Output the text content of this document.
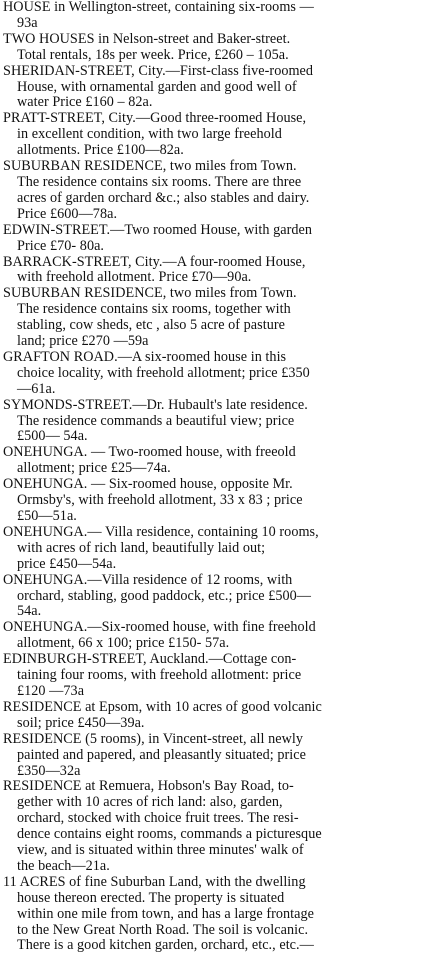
HOUSE in Wellington-street, containing six-rooms —
93a
TWO HOUSES in Nelson-street and Baker-street.
Total rentals, 18s per week. Price, £260 – 105a.
SHERIDAN-STREET, City.—First-class five-roomed
House, with ornamental garden and good well of
water Price £160 – 82a.
PRATT-STREET, City.—Good three-roomed House,
in excellent condition, with two large freehold
allotments. Price £100—82a.
SUBURBAN RESIDENCE, two miles from Town.
The residence contains six rooms. There are three
acres of garden orchard &c.; also stables and dairy.
Price £600—78a.
EDWIN-STREET.—Two roomed House, with garden
Price £70- 80a.
BARRACK-STREET, City.—A four-roomed House,
with freehold allotment. Price £70—90a.
SUBURBAN RESIDENCE, two miles from Town.
The residence contains six rooms, together with
stabling, cow sheds, etc , also 5 acre of pasture
land; price £270 —59a
GRAFTON ROAD.—A six-roomed house in this
choice locality, with freehold allotment; price £350
—61a.
SYMONDS-STREET.—Dr. Hubault's late residence.
The residence commands a beautiful view; price
£500— 54a.
ONEHUNGA. — Two-roomed house, with freeold
allotment; price £25—74a.
ONEHUNGA. — Six-roomed house, opposite Mr.
Ormsby's, with freehold allotment, 33 x 83 ; price
£50—51a.
ONEHUNGA.— Villa residence, containing 10 rooms,
with acres of rich land, beautifully laid out;
price £450—54a.
ONEHUNGA.—Villa residence of 12 rooms, with
orchard, stabling, good paddock, etc.; price £500—
54a.
ONEHUNGA.—Six-roomed house, with fine freehold
allotment, 66 x 100; price £150- 57a.
EDINBURGH-STREET, Auckland.—Cottage con-
taining four rooms, with freehold allotment: price
£120 —73a
RESIDENCE at Epsom, with 10 acres of good volcanic
soil; price £450—39a.
RESIDENCE (5 rooms), in Vincent-street, all newly
painted and papered, and pleasantly situated; price
£350—32a
RESIDENCE at Remuera, Hobson's Bay Road, to-
gether with 10 acres of rich land: also, garden,
orchard, stocked with choice fruit trees. The resi-
dence contains eight rooms, commands a picturesque
view, and is situated within three minutes' walk of
the beach—21a.
11 ACRES of fine Suburban Land, with the dwelling
house thereon erected. The property is situated
within one mile from town, and has a large frontage
to the New Great North Road. The soil is volcanic.
There is a good kitchen garden, orchard, etc., etc.—
